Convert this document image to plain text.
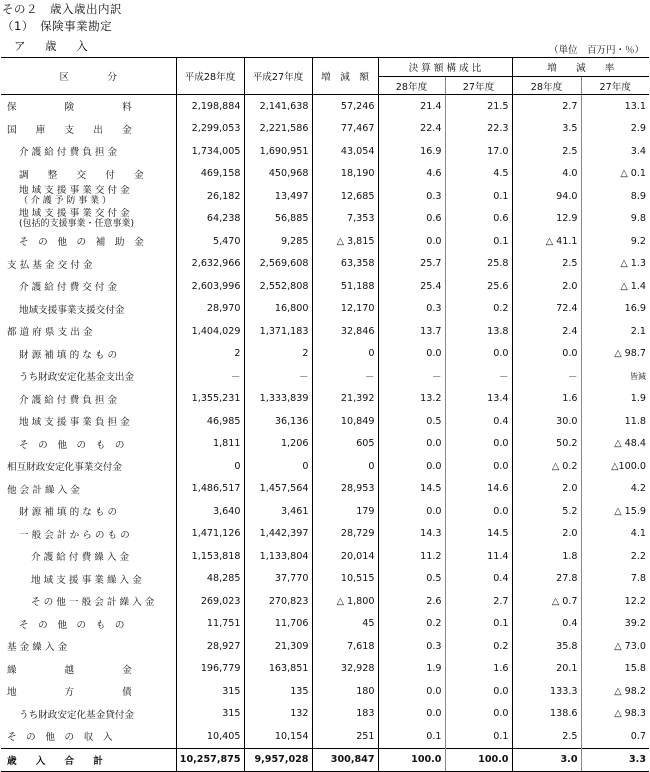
その２　歳入歳出内訳
（1）　保険事業勘定
ア 歳 入	（単位　百万円・％）
区　　　　分	平成28年度	平成27年度	増　減　額	決 算 額 構 成 比		増　　減　　率	
				28年度	27年度	28年度	27年度

保　　　　　険　　　　　料	2,198,884	2,141,638	57,246	21.4	21.5	2.7	13.1

国　　庫　　支　　出　　金	2,299,053	2,221,586	77,467	22.4	22.3	3.5	2.9

介 護 給 付 費 負 担 金	1,734,005	1,690,951	43,054	16.9	17.0	2.5	3.4

調　　整　　交　　付　　金	469,158	450,968	18,190	4.6	4.5	4.0	△ 0.1

地 域 支 援 事 業 交 付 金
（ 介 護 予 防 事 業 ）	26,182	13,497	12,685	0.3	0.1	94.0	8.9

地 域 支 援 事 業 交 付 金
(包括的支援事業・任意事業)	64,238	56,885	7,353	0.6	0.6	12.9	9.8

そ　の　他　の　補　助　金	5,470	9,285	△ 3,815	0.0	0.1	△ 41.1	9.2

支 払 基 金 交 付 金	2,632,966	2,569,608	63,358	25.7	25.8	2.5	△ 1.3

介 護 給 付 費 交 付 金	2,603,996	2,552,808	51,188	25.4	25.6	2.0	△ 1.4

地域支援事業支援交付金	28,970	16,800	12,170	0.3	0.2	72.4	16.9

都 道 府 県 支 出 金	1,404,029	1,371,183	32,846	13.7	13.8	2.4	2.1

財 源 補 填 的 な も の	2	2	0	0.0	0.0	0.0	△ 98.7

うち財政安定化基金支出金	－	－	－	－	－	－	皆減

介 護 給 付 費 負 担 金	1,355,231	1,333,839	21,392	13.2	13.4	1.6	1.9

地 域 支 援 事 業 負 担 金	46,985	36,136	10,849	0.5	0.4	30.0	11.8

そ　の　他　の　も　の	1,811	1,206	605	0.0	0.0	50.2	△ 48.4

相互財政安定化事業交付金	0	0	0	0.0	0.0	△ 0.2	△100.0

他 会 計 繰 入 金	1,486,517	1,457,564	28,953	14.5	14.6	2.0	4.2

財 源 補 填 的 な も の	3,640	3,461	179	0.0	0.0	5.2	△ 15.9

一 般 会 計 か ら の も の	1,471,126	1,442,397	28,729	14.3	14.5	2.0	4.1

介 護 給 付 費 繰 入 金	1,153,818	1,133,804	20,014	11.2	11.4	1.8	2.2

地 域 支 援 事 業 繰 入 金	48,285	37,770	10,515	0.5	0.4	27.8	7.8

そ の 他 一 般 会 計 繰 入 金	269,023	270,823	△ 1,800	2.6	2.7	△ 0.7	12.2

そ　の　他　の　も　の	11,751	11,706	45	0.2	0.1	0.4	39.2

基 金 繰 入 金	28,927	21,309	7,618	0.3	0.2	35.8	△ 73.0

繰　　　　　越　　　　　金	196,779	163,851	32,928	1.9	1.6	20.1	15.8

地　　　　　方　　　　　債	315	135	180	0.0	0.0	133.3	△ 98.2

うち財政安定化基金貸付金	315	132	183	0.0	0.0	138.6	△ 98.3

そ　の　他　の　収　入	10,405	10,154	251	0.1	0.1	2.5	0.7

歳　　入　　合　　計	10,257,875	9,957,028	300,847	100.0	100.0	3.0	3.3
